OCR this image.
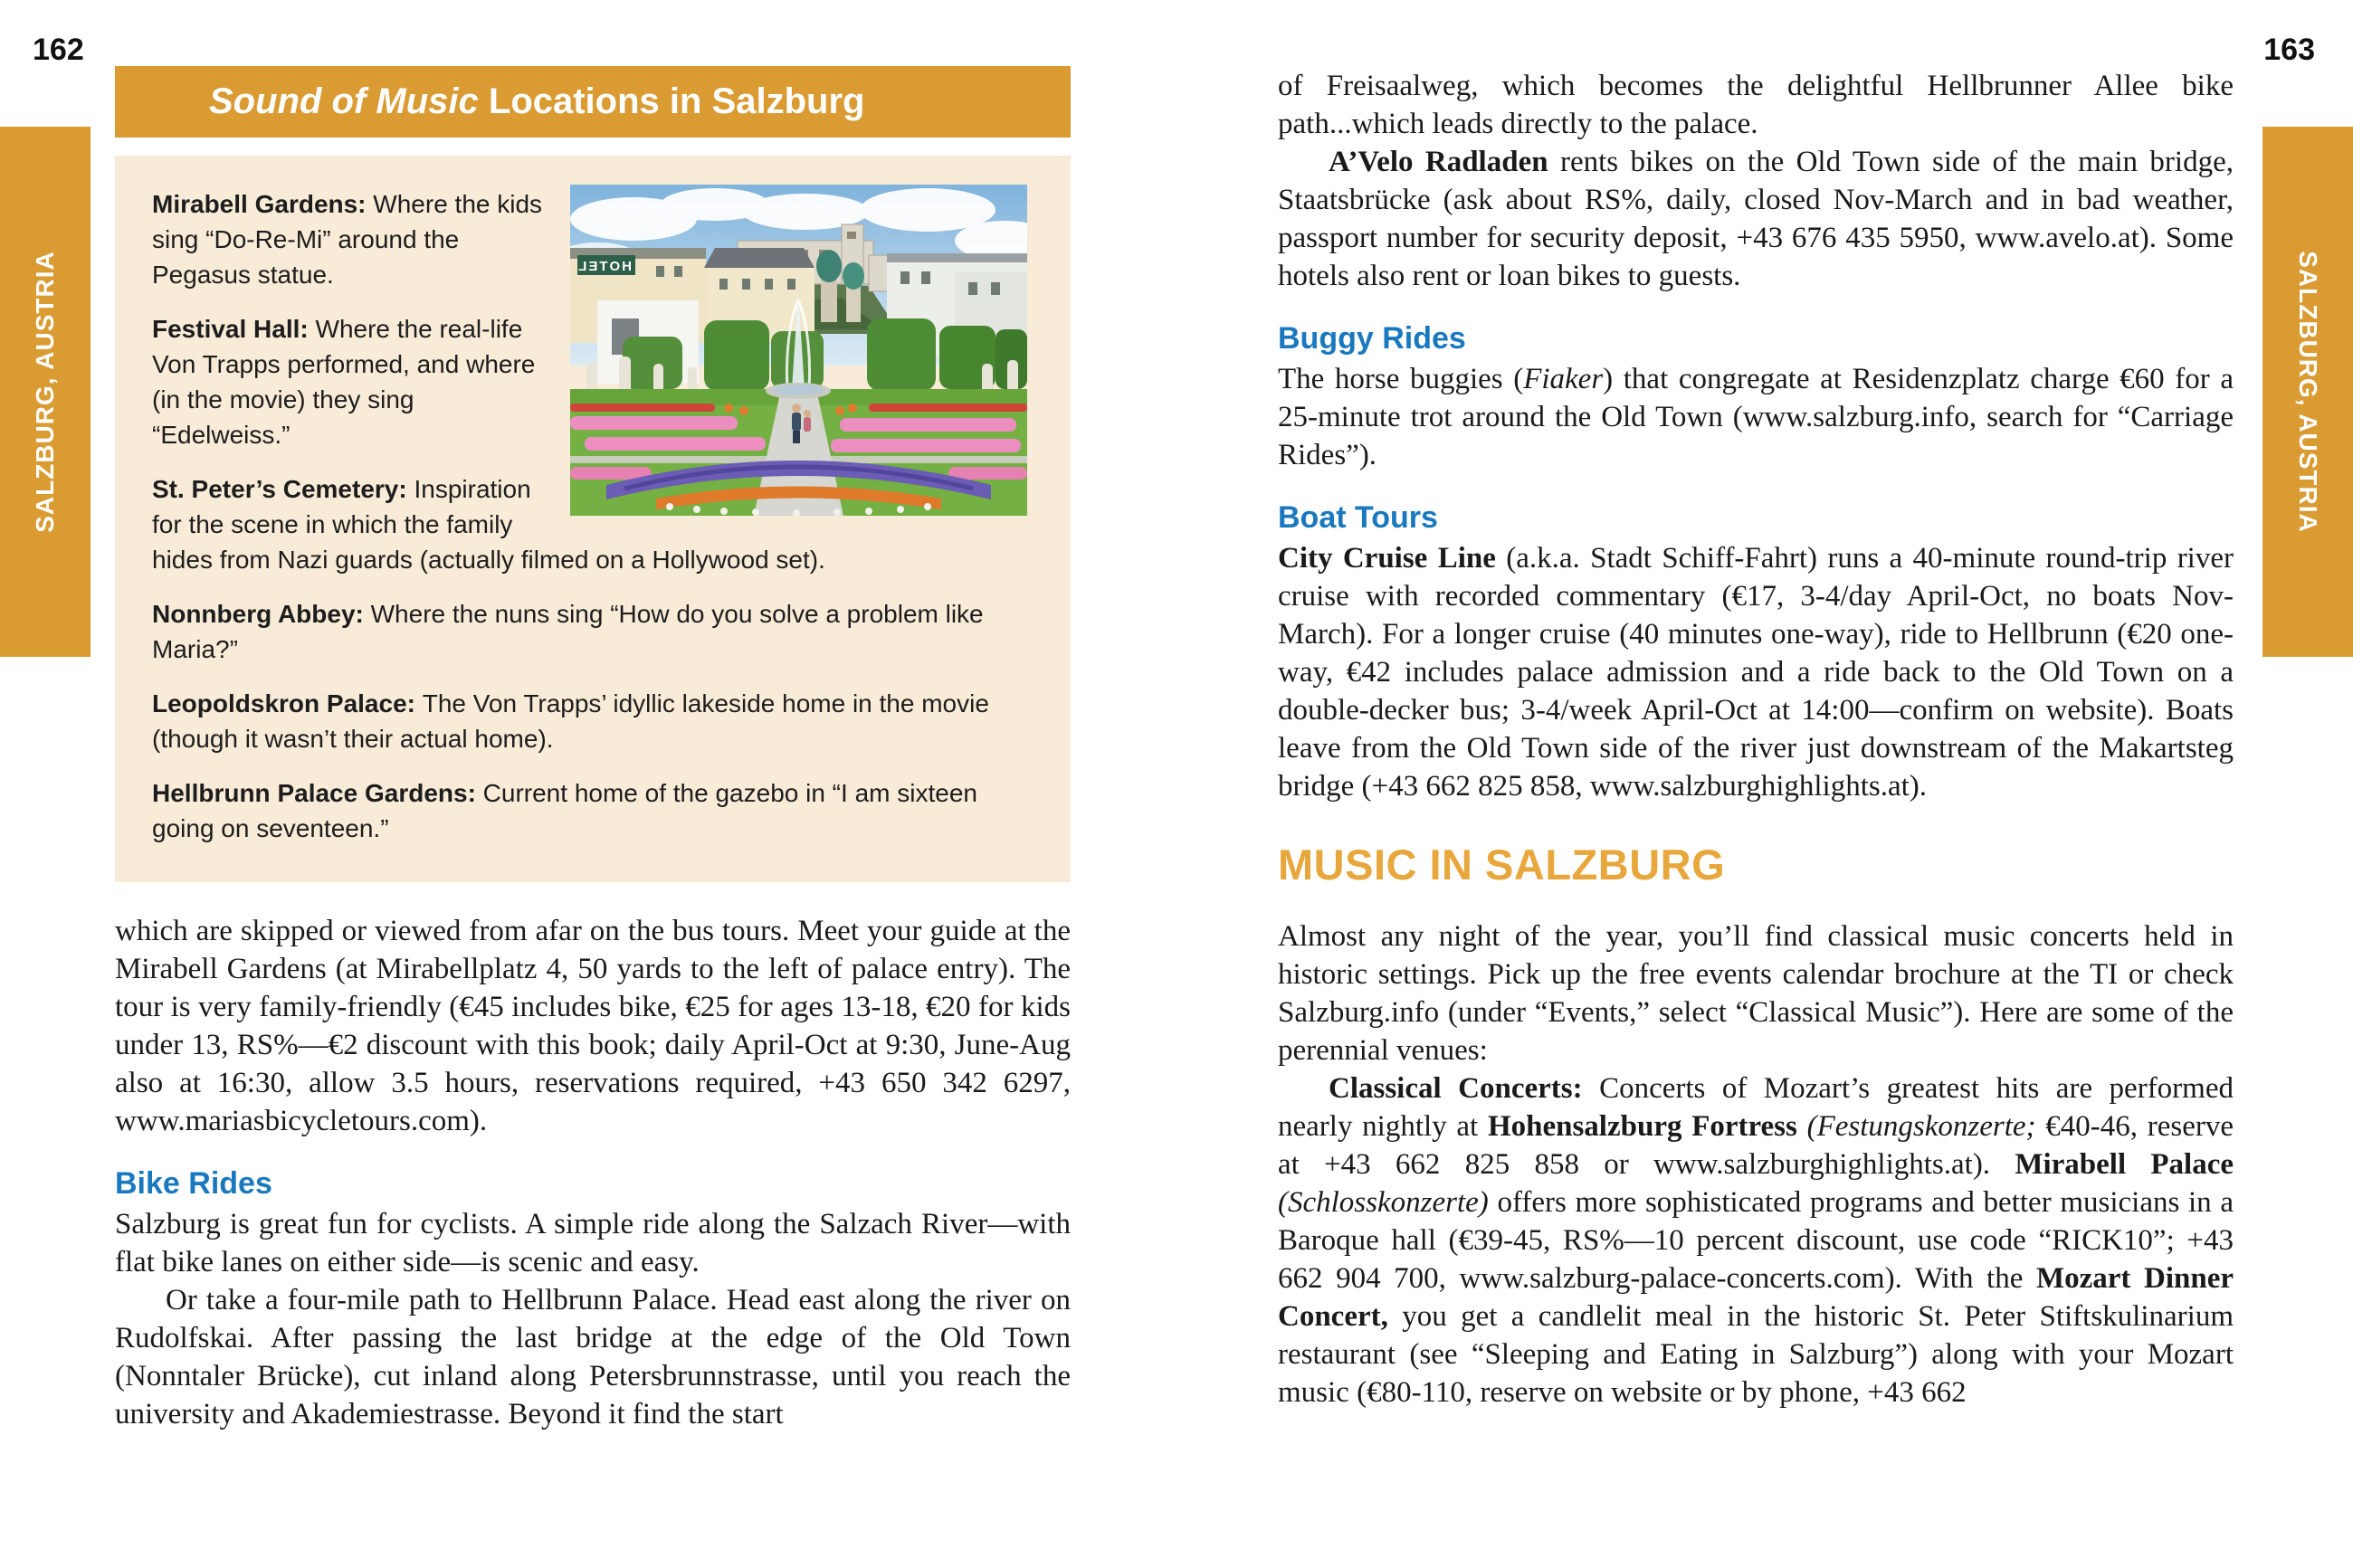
162	163
SALZBURG, AUSTRIA	SALZBURG, AUSTRIA
Sound of Music Locations in Salzburg
HOTEL

Mirabell Gardens: Where the kids sing “Do-Re-Mi” around the Pegasus statue.

Festival Hall: Where the real-life Von Trapps performed, and where (in the movie) they sing “Edelweiss.”

St. Peter’s Cemetery: Inspiration for the scene in which the family hides from Nazi guards (actually filmed on a Hollywood set).

Nonnberg Abbey: Where the nuns sing “How do you solve a problem like Maria?”

Leopoldskron Palace: The Von Trapps’ idyllic lakeside home in the movie (though it wasn’t their actual home).

Hellbrunn Palace Gardens: Current home of the gazebo in “I am sixteen going on seventeen.”

which are skipped or viewed from afar on the bus tours. Meet your guide at the Mirabell Gardens (at Mirabellplatz 4, 50 yards to the left of palace entry). The tour is very family-friendly (€45 includes bike, €25 for ages 13-18, €20 for kids under 13, RS%—€2 discount with this book; daily April-Oct at 9:30, June-Aug also at 16:30, allow 3.5 hours, reservations required, +43 650 342 6297, www.mariasbicycletours.com).

Bike Rides

Salzburg is great fun for cyclists. A simple ride along the Salzach River—with flat bike lanes on either side—is scenic and easy.

Or take a four-mile path to Hellbrunn Palace. Head east along the river on Rudolfskai. After passing the last bridge at the edge of the Old Town (Nonntaler Brücke), cut inland along Petersbrunnstrasse, until you reach the university and Akademiestrasse. Beyond it find the start

of Freisaalweg, which becomes the delightful Hellbrunner Allee bike path...which leads directly to the palace.

A’Velo Radladen rents bikes on the Old Town side of the main bridge, Staatsbrücke (ask about RS%, daily, closed Nov-March and in bad weather, passport number for security deposit, +43 676 435 5950, www.avelo.at). Some hotels also rent or loan bikes to guests.

Buggy Rides

The horse buggies (Fiaker) that congregate at Residenzplatz charge €60 for a 25-minute trot around the Old Town (www.salzburg.info, search for “Carriage Rides”).

Boat Tours

City Cruise Line (a.k.a. Stadt Schiff-Fahrt) runs a 40-minute round-trip river cruise with recorded commentary (€17, 3-4/day April-Oct, no boats Nov-March). For a longer cruise (40 minutes one-way), ride to Hellbrunn (€20 one-way, €42 includes palace admission and a ride back to the Old Town on a double-decker bus; 3-4/week April-Oct at 14:00—confirm on website). Boats leave from the Old Town side of the river just downstream of the Makartsteg bridge (+43 662 825 858, www.salzburghighlights.at).

MUSIC IN SALZBURG

Almost any night of the year, you’ll find classical music concerts held in historic settings. Pick up the free events calendar brochure at the TI or check Salzburg.info (under “Events,” select “Classical Music”). Here are some of the perennial venues:

Classical Concerts: Concerts of Mozart’s greatest hits are performed nearly nightly at Hohensalzburg Fortress (Festungskonzerte; €40-46, reserve at +43 662 825 858 or www.salzburghighlights.at). Mirabell Palace (Schlosskonzerte) offers more sophisticated programs and better musicians in a Baroque hall (€39-45, RS%—10 percent discount, use code “RICK10”; +43 662 904 700, www.salzburg-palace-concerts.com). With the Mozart Dinner Concert, you get a candlelit meal in the historic St. Peter Stiftskulinarium restaurant (see “Sleeping and Eating in Salzburg”) along with your Mozart music (€80-110, reserve on website or by phone, +43 662
